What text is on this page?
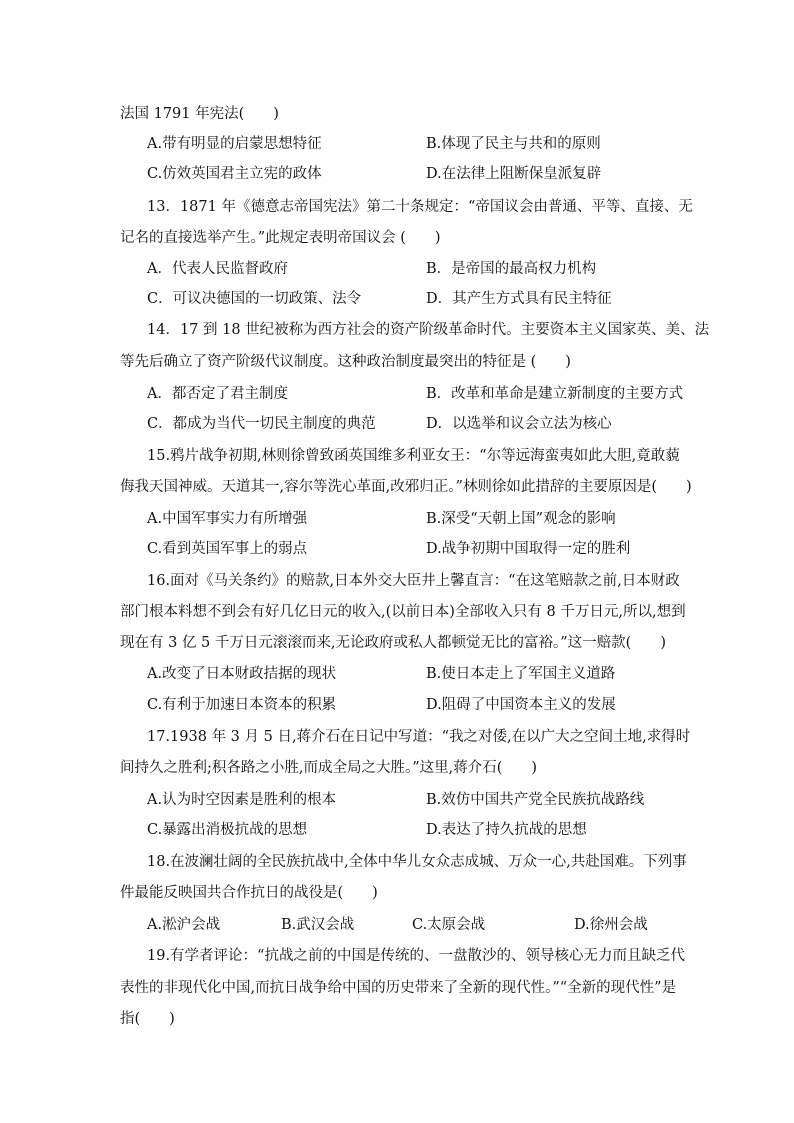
法国 1791 年宪法(　　)
A.带有明显的启蒙思想特征	B.体现了民主与共和的原则
C.仿效英国君主立宪的政体	D.在法律上阻断保皇派复辟
13．1871 年《德意志帝国宪法》第二十条规定：“帝国议会由普通、平等、直接、无
记名的直接选举产生。”此规定表明帝国议会 (　　)
A．代表人民监督政府	B．是帝国的最高权力机构
C．可议决德国的一切政策、法令	D．其产生方式具有民主特征
14．17 到 18 世纪被称为西方社会的资产阶级革命时代。主要资本主义国家英、美、法
等先后确立了资产阶级代议制度。这种政治制度最突出的特征是 (　　)
A．都否定了君主制度	B．改革和革命是建立新制度的主要方式
C．都成为当代一切民主制度的典范	D．以选举和议会立法为核心
15.鸦片战争初期,林则徐曾致函英国维多利亚女王：“尔等远海蛮夷如此大胆,竟敢藐
侮我天国神威。天道其一,容尔等洗心革面,改邪归正。”林则徐如此措辞的主要原因是(　　)
A.中国军事实力有所增强	B.深受“天朝上国”观念的影响
C.看到英国军事上的弱点	D.战争初期中国取得一定的胜利
16.面对《马关条约》的赔款,日本外交大臣井上馨直言：“在这笔赔款之前,日本财政
部门根本料想不到会有好几亿日元的收入,(以前日本)全部收入只有 8 千万日元,所以,想到
现在有 3 亿 5 千万日元滚滚而来,无论政府或私人都顿觉无比的富裕。”这一赔款(　　)
A.改变了日本财政拮据的现状	B.使日本走上了军国主义道路
C.有利于加速日本资本的积累	D.阻碍了中国资本主义的发展
17.1938 年 3 月 5 日,蒋介石在日记中写道：“我之对倭,在以广大之空间土地,求得时
间持久之胜利;积各路之小胜,而成全局之大胜。”这里,蒋介石(　　)
A.认为时空因素是胜利的根本	B.效仿中国共产党全民族抗战路线
C.暴露出消极抗战的思想	D.表达了持久抗战的思想
18.在波澜壮阔的全民族抗战中,全体中华儿女众志成城、万众一心,共赴国难。下列事
件最能反映国共合作抗日的战役是(　　)
A.淞沪会战	B.武汉会战	C.太原会战	D.徐州会战
19.有学者评论：“抗战之前的中国是传统的、一盘散沙的、领导核心无力而且缺乏代
表性的非现代化中国,而抗日战争给中国的历史带来了全新的现代性。”“全新的现代性”是
指(　　)
